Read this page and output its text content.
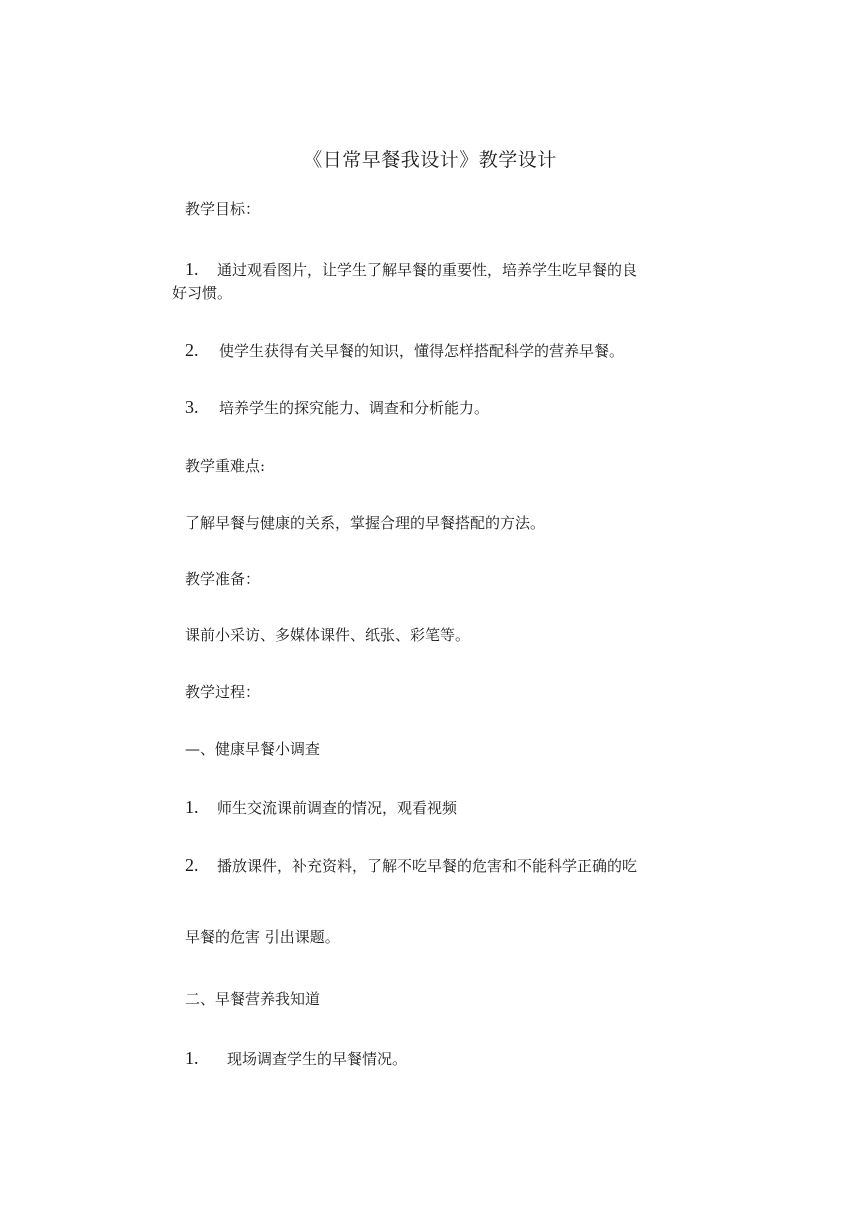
《日常早餐我设计》教学设计
教学目标：
1. 通过观看图片，让学生了解早餐的重要性，培养学生吃早餐的良
好习惯。
2. 使学生获得有关早餐的知识，懂得怎样搭配科学的营养早餐。
3. 培养学生的探究能力、调查和分析能力。
教学重难点:
了解早餐与健康的关系，掌握合理的早餐搭配的方法。
教学准备：
课前小采访、多媒体课件、纸张、彩笔等。
教学过程：
—、健康早餐小调查
1. 师生交流课前调查的情况，观看视频
2. 播放课件，补充资料，了解不吃早餐的危害和不能科学正确的吃
早餐的危害 引出课题。
二、早餐营养我知道
1. 现场调查学生的早餐情况。
